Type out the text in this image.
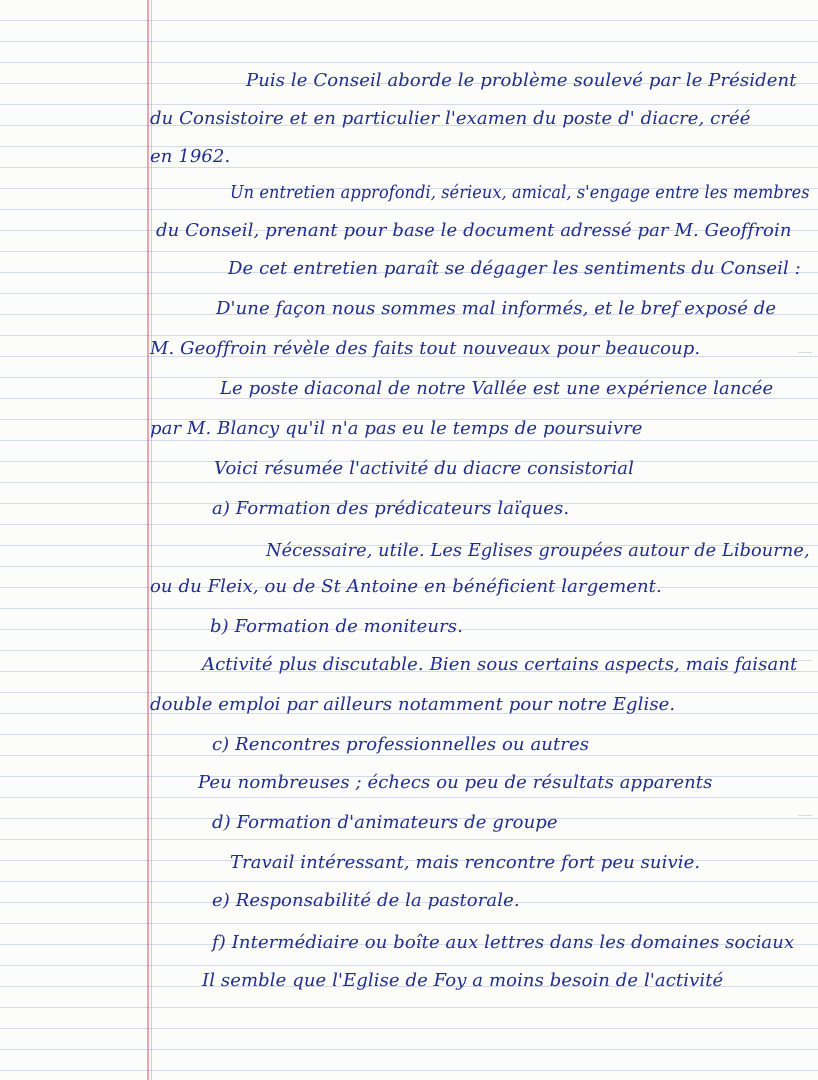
Puis le Conseil aborde le problème soulevé par le Président
du Consistoire et en particulier l'examen du poste d' diacre, créé
en 1962.
Un entretien approfondi, sérieux, amical, s'engage entre les membres
du Conseil, prenant pour base le document adressé par M. Geoffroin
De cet entretien paraît se dégager les sentiments du Conseil :
D'une façon nous sommes mal informés, et le bref exposé de
M. Geoffroin révèle des faits tout nouveaux pour beaucoup.
Le poste diaconal de notre Vallée est une expérience lancée
par M. Blancy qu'il n'a pas eu le temps de poursuivre
Voici résumée l'activité du diacre consistorial
a) Formation des prédicateurs laïques.
Nécessaire, utile. Les Eglises groupées autour de Libourne,
ou du Fleix, ou de St Antoine en bénéficient largement.
b) Formation de moniteurs.
Activité plus discutable. Bien sous certains aspects, mais faisant
double emploi par ailleurs notamment pour notre Eglise.
c) Rencontres professionnelles ou autres
Peu nombreuses ; échecs ou peu de résultats apparents
d) Formation d'animateurs de groupe
Travail intéressant, mais rencontre fort peu suivie.
e) Responsabilité de la pastorale.
f) Intermédiaire ou boîte aux lettres dans les domaines sociaux
Il semble que l'Eglise de Foy a moins besoin de l'activité
